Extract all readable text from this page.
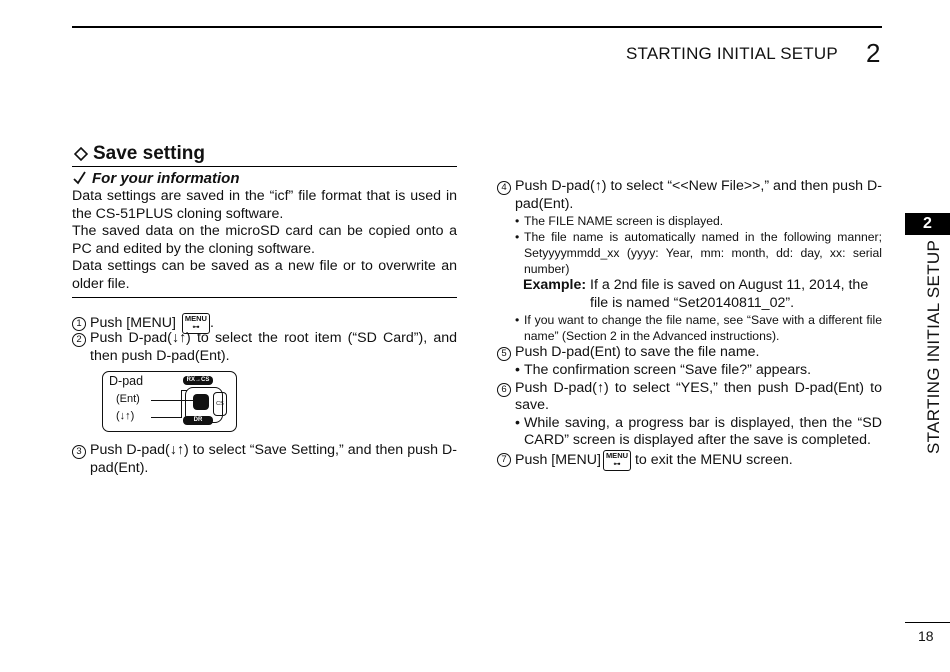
STARTING INITIAL SETUP 2
2
STARTING INITIAL SETUP
Save setting
For your information
Data settings are saved in the “icf” file format that is used in the CS-51PLUS cloning software.
The saved data on the microSD card can be copied onto a PC and edited by the cloning software.
Data settings can be saved as a new file or to overwrite an older file.
1 Push [MENU] MENU
⊶ .
2 Push D-pad(↓↑) to select the root item (“SD Card”), and then push D-pad(Ent).
D-pad
(Ent)
(↓↑)
RX→CS
DR
CS
3 Push D-pad(↓↑) to select “Save Setting,” and then push D-pad(Ent).
4 Push D-pad(↑) to select “<<New File>>,” and then push D-pad(Ent).
• The FILE NAME screen is displayed.
• The file name is automatically named in the following manner; Setyyyymmdd_xx (yyyy: Year, mm: month, dd: day, xx: serial number)
Example: If a 2nd file is saved on August 11, 2014, the
file is named “Set20140811_02”.
• If you want to change the file name, see “Save with a different file name” (Section 2 in the Advanced instructions).
5 Push D-pad(Ent) to save the file name.
• The confirmation screen “Save file?” appears.
6 Push D-pad(↑) to select “YES,” then push D-pad(Ent) to save.
• While saving, a progress bar is displayed, then the “SD CARD” screen is displayed after the save is completed.
7 Push [MENU] MENU
⊶ to exit the MENU screen.
18
